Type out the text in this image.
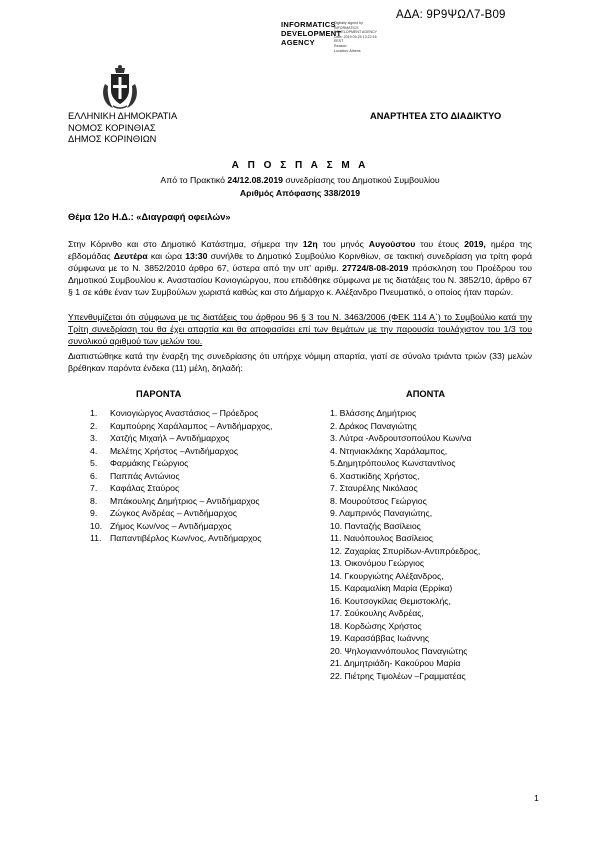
ΑΔΑ: 9Ρ9ΨΩΛ7-Β09
INFORMATICS
DEVELOPMENT
AGENCY
Digitally signed by
INFORMATICS
DEVELOPMENT AGENCY
Date: 2019.09.25 12:22:16
EEST
Reason:
Location: Athens
ΕΛΛΗΝΙΚΗ ΔΗΜΟΚΡΑΤΙΑ
ΝΟΜΟΣ ΚΟΡΙΝΘΙΑΣ
ΔΗΜΟΣ ΚΟΡΙΝΘΙΩΝ
ΑΝΑΡΤΗΤΕΑ ΣΤΟ ΔΙΑΔΙΚΤΥΟ
Α Π Ο Σ Π Α Σ Μ Α
Από το Πρακτικό 24/12.08.2019 συνεδρίασης του Δημοτικού Συμβουλίου
Αριθμός Απόφασης 338/2019
Θέμα 12ο Η.Δ.: «Διαγραφή οφειλών»
Στην Κόρινθο και στο Δημοτικό Κατάστημα, σήμερα την 12η του μηνός Αυγούστου του έτους 2019, ημέρα της εβδομάδας Δευτέρα και ώρα 13:30 συνήλθε το Δημοτικό Συμβούλιο Κορινθίων, σε τακτική συνεδρίαση για τρίτη φορά σύμφωνα με το Ν. 3852/2010 άρθρο 67, ύστερα από την υπ' αριθμ. 27724/8-08-2019 πρόσκληση του Προέδρου του Δημοτικού Συμβουλίου κ. Αναστασίου Κονιογιώργου, που επιδόθηκε σύμφωνα με τις διατάξεις του Ν. 3852/10, άρθρο 67 § 1 σε κάθε έναν των Συμβούλων χωριστά καθώς και στο Δήμαρχο κ. Αλέξανδρο Πνευματικό, ο οποίος ήταν παρών.
Υπενθυμίζεται ότι σύμφωνα με τις διατάξεις του άρθρου 96 § 3 του Ν. 3463/2006 (ΦΕΚ 114 Α΄) το Συμβούλιο κατά την Τρίτη συνεδρίαση του θα έχει απαρτία και θα αποφασίσει επί των θεμάτων με την παρουσία τουλάχιστον του 1/3 του συνολικού αριθμού των μελών του.
Διαπιστώθηκε κατά την έναρξη της συνεδρίασης ότι υπήρχε νόμιμη απαρτία, γιατί σε σύνολο τριάντα τριών (33) μελών βρέθηκαν παρόντα ένδεκα (11) μέλη, δηλαδή:
ΠΑΡΟΝΤΑ	ΑΠΟΝΤΑ
1. Κονιογιώργος Αναστάσιος – Πρόεδρος
2. Καμπούρης Χαράλαμπος – Αντιδήμαρχος,
3. Χατζής Μιχαήλ – Αντιδήμαρχος
4. Μελέτης Χρήστος –Αντιδήμαρχος
5. Φαρμάκης Γεώργιος
6. Παππάς Αντώνιος
7. Καφάλας Σταύρος
8. Μπάκουλης Δημήτριος – Αντιδήμαρχος
9. Ζώγκος Ανδρέας – Αντιδήμαρχος
10. Ζήμος Κων/νος – Αντιδήμαρχος
11. Παπαντιβέρλος Κων/νος, Αντιδήμαρχος
1. Βλάσσης Δημήτριος
2. Δράκος Παναγιώτης
3. Λύτρα -Ανδρουτσοπούλου Κων/να
4. Ντηνιακλάκης Χαράλαμπος,
5.Δημητρόπουλος Κωνσταντίνος
6. Χαστικίδης Χρήστος,
7. Σταυρέλης Νικόλαος
8. Μουρούτσος Γεώργιος
9. Λαμπρινός Παναγιώτης,
10. Πανταζής Βασίλειος
11. Ναυόπουλος Βασίλειος
12. Ζαχαρίας Σπυρίδων-Αντιπρόεδρος,
13. Οικονόμου Γεώργιος
14. Γκουργιώτης Αλέξανδρος,
15. Καραμαλίκη Μαρία (Ερρίκα)
16. Κουτσογκίλας Θεμιστοκλής,
17. Σούκουλης Ανδρέας,
18. Κορδώσης Χρήστος
19. Καρασάββας Ιωάννης
20. Ψηλογιαννόπουλος Παναγιώτης
21. Δημητριάδη- Κακούρου Μαρία
22. Πιέτρης Τιμολέων –Γραμματέας
1
